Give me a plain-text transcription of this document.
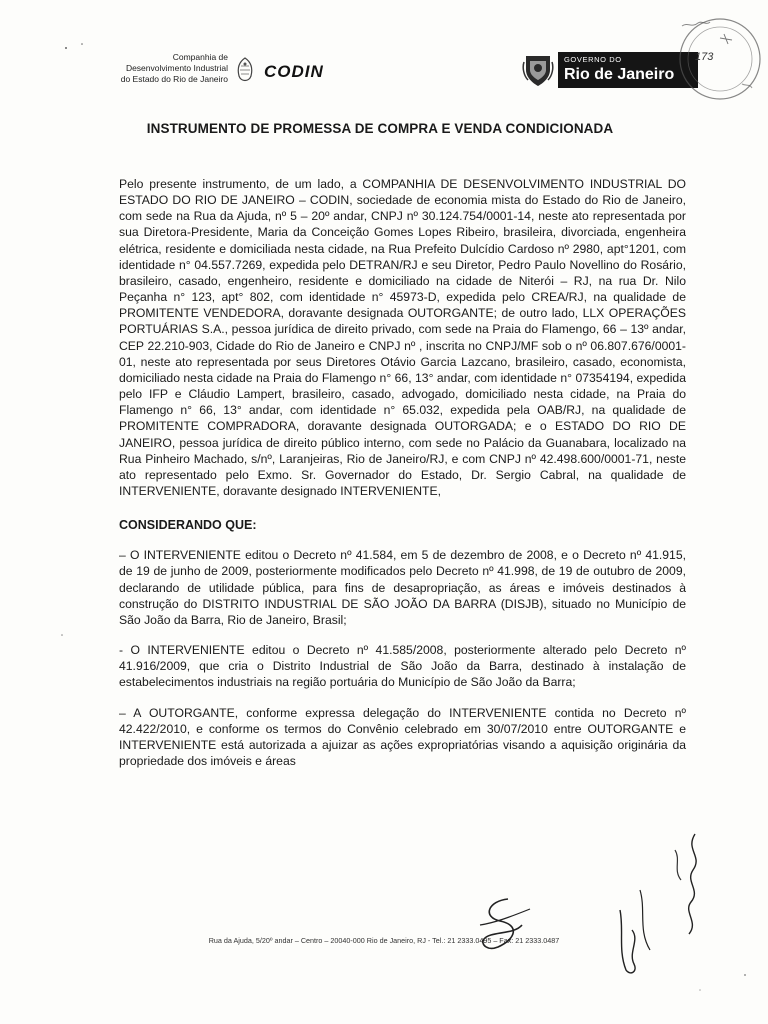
Companhia de
Desenvolvimento Industrial
do Estado do Rio de Janeiro CODIN
GOVERNO DO
Rio de Janeiro
173
INSTRUMENTO DE PROMESSA DE COMPRA E VENDA CONDICIONADA

Pelo presente instrumento, de um lado, a COMPANHIA DE DESENVOLVIMENTO INDUSTRIAL DO ESTADO DO RIO DE JANEIRO – CODIN, sociedade de economia mista do Estado do Rio de Janeiro, com sede na Rua da Ajuda, nº 5 – 20º andar, CNPJ nº 30.124.754/0001-14, neste ato representada por sua Diretora-Presidente, Maria da Conceição Gomes Lopes Ribeiro, brasileira, divorciada, engenheira elétrica, residente e domiciliada nesta cidade, na Rua Prefeito Dulcídio Cardoso nº 2980, apt°1201, com identidade n° 04.557.7269, expedida pelo DETRAN/RJ e seu Diretor, Pedro Paulo Novellino do Rosário, brasileiro, casado, engenheiro, residente e domiciliado na cidade de Niterói – RJ, na rua Dr. Nilo Peçanha n° 123, apt° 802, com identidade n° 45973-D, expedida pelo CREA/RJ, na qualidade de PROMITENTE VENDEDORA, doravante designada OUTORGANTE; de outro lado, LLX OPERAÇÕES PORTUÁRIAS S.A., pessoa jurídica de direito privado, com sede na Praia do Flamengo, 66 – 13º andar, CEP 22.210-903, Cidade do Rio de Janeiro e CNPJ nº , inscrita no CNPJ/MF sob o nº 06.807.676/0001-01, neste ato representada por seus Diretores Otávio Garcia Lazcano, brasileiro, casado, economista, domiciliado nesta cidade na Praia do Flamengo n° 66, 13° andar, com identidade n° 07354194, expedida pelo IFP e Cláudio Lampert, brasileiro, casado, advogado, domiciliado nesta cidade, na Praia do Flamengo n° 66, 13° andar, com identidade n° 65.032, expedida pela OAB/RJ, na qualidade de PROMITENTE COMPRADORA, doravante designada OUTORGADA; e o ESTADO DO RIO DE JANEIRO, pessoa jurídica de direito público interno, com sede no Palácio da Guanabara, localizado na Rua Pinheiro Machado, s/nº, Laranjeiras, Rio de Janeiro/RJ, e com CNPJ nº 42.498.600/0001-71, neste ato representado pelo Exmo. Sr. Governador do Estado, Dr. Sergio Cabral, na qualidade de INTERVENIENTE, doravante designado INTERVENIENTE,

CONSIDERANDO QUE:

– O INTERVENIENTE editou o Decreto nº 41.584, em 5 de dezembro de 2008, e o Decreto nº 41.915, de 19 de junho de 2009, posteriormente modificados pelo Decreto nº 41.998, de 19 de outubro de 2009, declarando de utilidade pública, para fins de desapropriação, as áreas e imóveis destinados à construção do DISTRITO INDUSTRIAL DE SÃO JOÃO DA BARRA (DISJB), situado no Município de São João da Barra, Rio de Janeiro, Brasil;

- O INTERVENIENTE editou o Decreto nº 41.585/2008, posteriormente alterado pelo Decreto nº 41.916/2009, que cria o Distrito Industrial de São João da Barra, destinado à instalação de estabelecimentos industriais na região portuária do Município de São João da Barra;

– A OUTORGANTE, conforme expressa delegação do INTERVENIENTE contida no Decreto nº 42.422/2010, e conforme os termos do Convênio celebrado em 30/07/2010 entre OUTORGANTE e INTERVENIENTE está autorizada a ajuizar as ações expropriatórias visando a aquisição originária da propriedade dos imóveis e áreas

Rua da Ajuda, 5/20º andar – Centro – 20040-000 Rio de Janeiro, RJ - Tel.: 21 2333.0495 – Fax: 21 2333.0487
